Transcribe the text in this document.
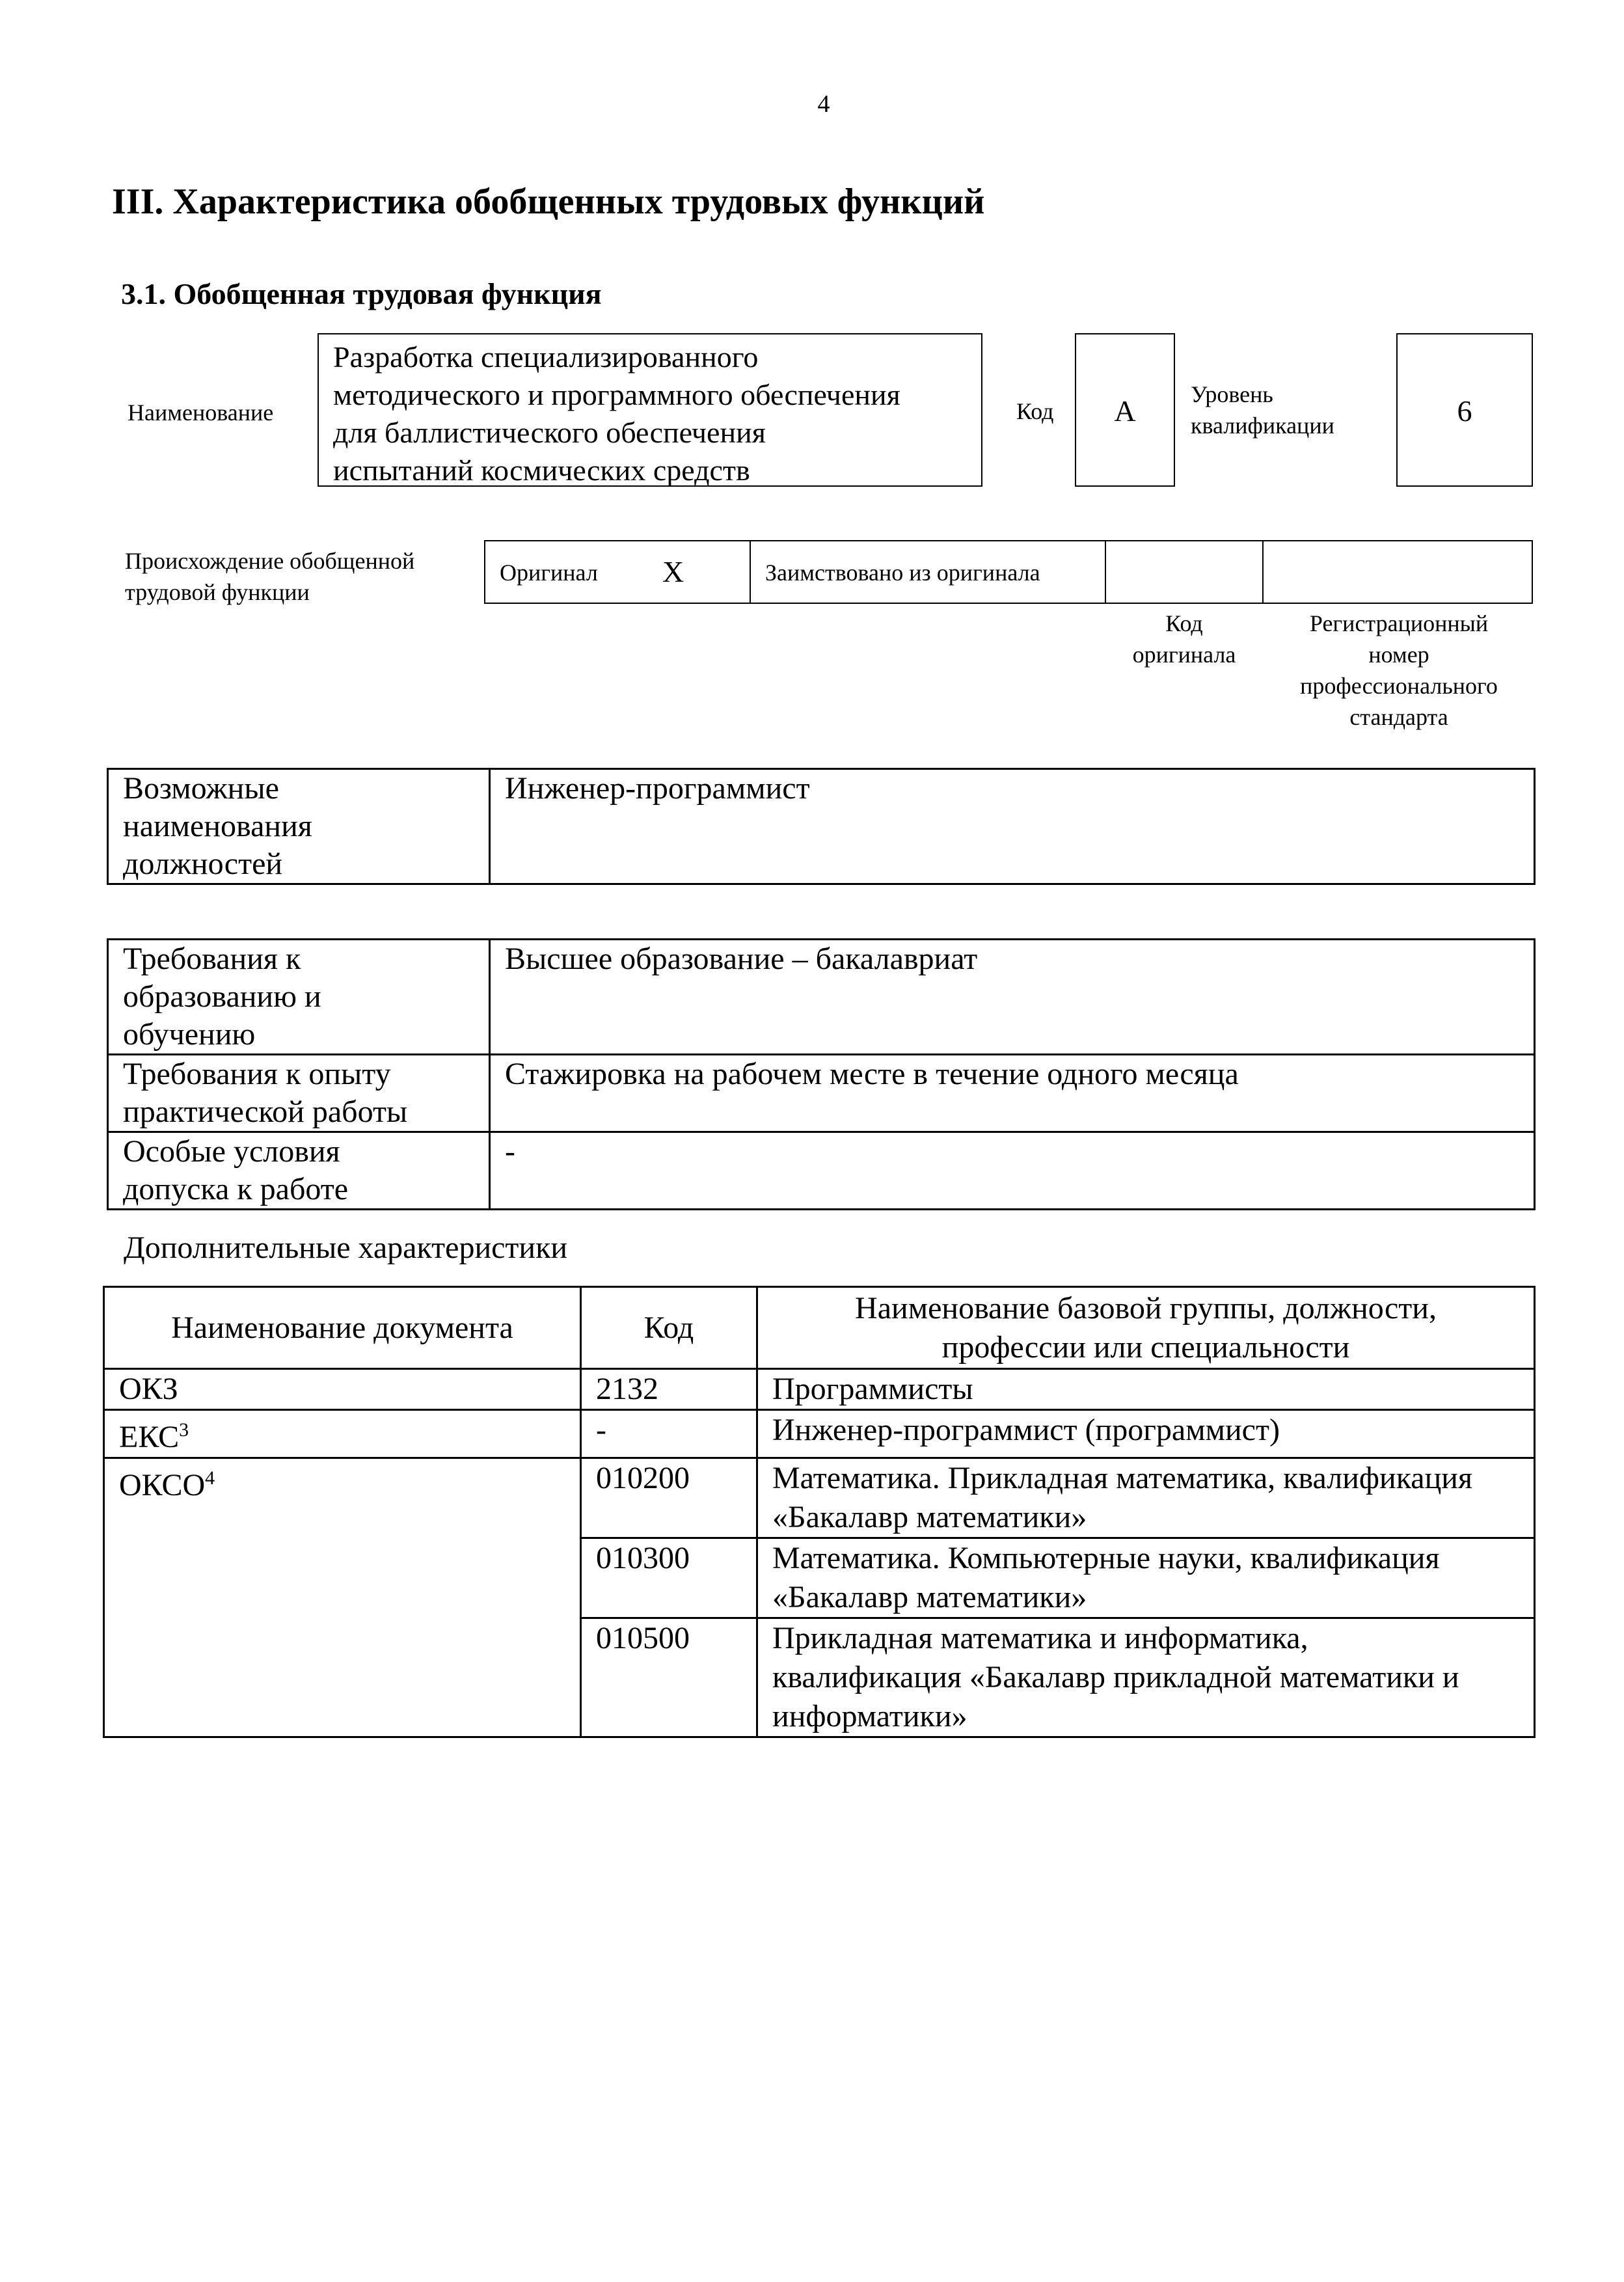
4
III. Характеристика обобщенных трудовых функций
3.1. Обобщенная трудовая функция
Наименование
Разработка специализированного
методического и программного обеспечения
для баллистического обеспечения
испытаний космических средств
Код	А	Уровень
квалификации	6
Происхождение обобщенной
трудовой функции
Оригинал Х	Заимствовано из оригинала
Код
оригинала
Регистрационный
номер
профессионального
стандарта
Возможные
наименования
должностей
	Инженер-программист
Требования к
образованию и
обучению	Высшее образование – бакалавриат

Требования к опыту
практической работы	Стажировка на рабочем месте в течение одного месяца

Особые условия
допуска к работе	-
Дополнительные характеристики
Наименование документа	Код	Наименование базовой группы, должности,
профессии или специальности

ОКЗ	2132	Программисты
ЕКС$^3$	-	Инженер-программист (программист)
ОКСО$^4$	010200	Математика. Прикладная математика, квалификация
«Бакалавр математики»

	010300	Математика. Компьютерные науки, квалификация
«Бакалавр математики»

	010500	Прикладная математика и информатика,
квалификация «Бакалавр прикладной математики и
информатики»
